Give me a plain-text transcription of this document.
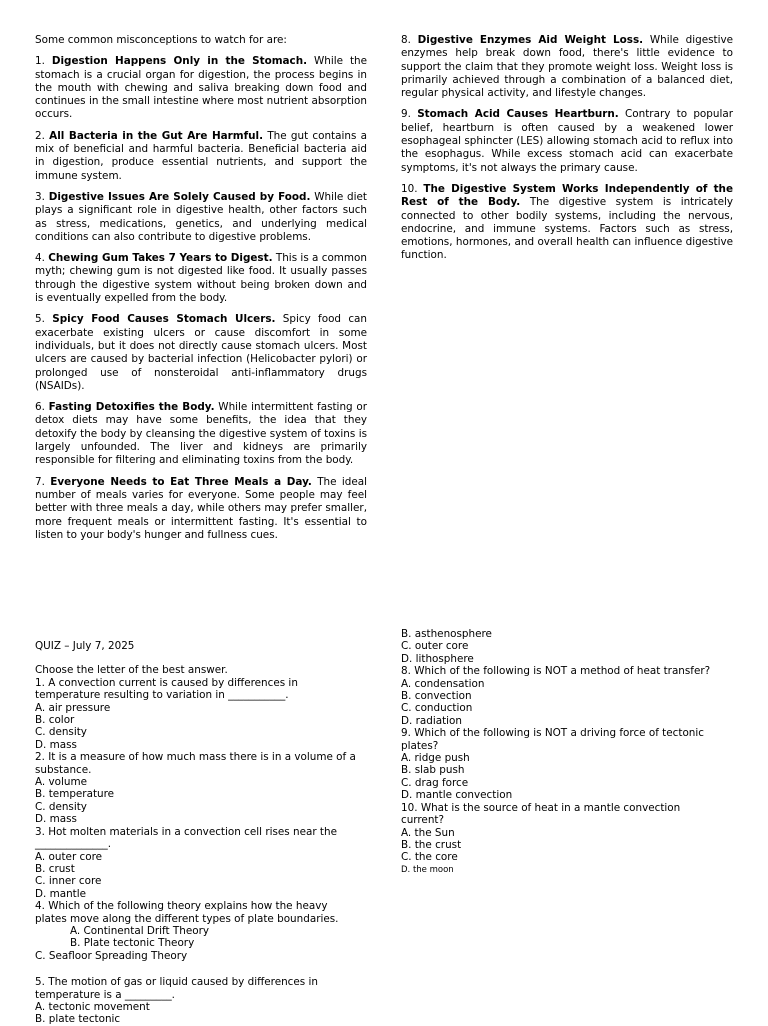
Some common misconceptions to watch for are:

1. Digestion Happens Only in the Stomach. While the stomach is a crucial organ for digestion, the process begins in the mouth with chewing and saliva breaking down food and continues in the small intestine where most nutrient absorption occurs.

2. All Bacteria in the Gut Are Harmful. The gut contains a mix of beneficial and harmful bacteria. Beneficial bacteria aid in digestion, produce essential nutrients, and support the immune system.

3. Digestive Issues Are Solely Caused by Food. While diet plays a significant role in digestive health, other factors such as stress, medications, genetics, and underlying medical conditions can also contribute to digestive problems.

4. Chewing Gum Takes 7 Years to Digest. This is a common myth; chewing gum is not digested like food. It usually passes through the digestive system without being broken down and is eventually expelled from the body.

5. Spicy Food Causes Stomach Ulcers. Spicy food can exacerbate existing ulcers or cause discomfort in some individuals, but it does not directly cause stomach ulcers. Most ulcers are caused by bacterial infection (Helicobacter pylori) or prolonged use of nonsteroidal anti-inflammatory drugs (NSAIDs).

6. Fasting Detoxifies the Body. While intermittent fasting or detox diets may have some benefits, the idea that they detoxify the body by cleansing the digestive system of toxins is largely unfounded. The liver and kidneys are primarily responsible for filtering and eliminating toxins from the body.

7. Everyone Needs to Eat Three Meals a Day. The ideal number of meals varies for everyone. Some people may feel better with three meals a day, while others may prefer smaller, more frequent meals or intermittent fasting. It's essential to listen to your body's hunger and fullness cues.

8. Digestive Enzymes Aid Weight Loss. While digestive enzymes help break down food, there's little evidence to support the claim that they promote weight loss. Weight loss is primarily achieved through a combination of a balanced diet, regular physical activity, and lifestyle changes.

9. Stomach Acid Causes Heartburn. Contrary to popular belief, heartburn is often caused by a weakened lower esophageal sphincter (LES) allowing stomach acid to reflux into the esophagus. While excess stomach acid can exacerbate symptoms, it's not always the primary cause.

10. The Digestive System Works Independently of the Rest of the Body. The digestive system is intricately connected to other bodily systems, including the nervous, endocrine, and immune systems. Factors such as stress, emotions, hormones, and overall health can influence digestive function.

QUIZ – July 7, 2025
Choose the letter of the best answer.
1. A convection current is caused by differences in
temperature resulting to variation in ___________.
A. air pressure
B. color
C. density
D. mass
2. It is a measure of how much mass there is in a volume of a
substance.
A. volume
B. temperature
C. density
D. mass
3. Hot molten materials in a convection cell rises near the
______________.
A. outer core
B. crust
C. inner core
D. mantle
4. Which of the following theory explains how the heavy
plates move along the different types of plate boundaries.
A. Continental Drift Theory
B. Plate tectonic Theory
C. Seafloor Spreading Theory
5. The motion of gas or liquid caused by differences in
temperature is a _________.
A. tectonic movement
B. plate tectonic
B. asthenosphere
C. outer core
D. lithosphere
8. Which of the following is NOT a method of heat transfer?
A. condensation
B. convection
C. conduction
D. radiation
9. Which of the following is NOT a driving force of tectonic
plates?
A. ridge push
B. slab push
C. drag force
D. mantle convection
10. What is the source of heat in a mantle convection
current?
A. the Sun
B. the crust
C. the core
D. the moon
